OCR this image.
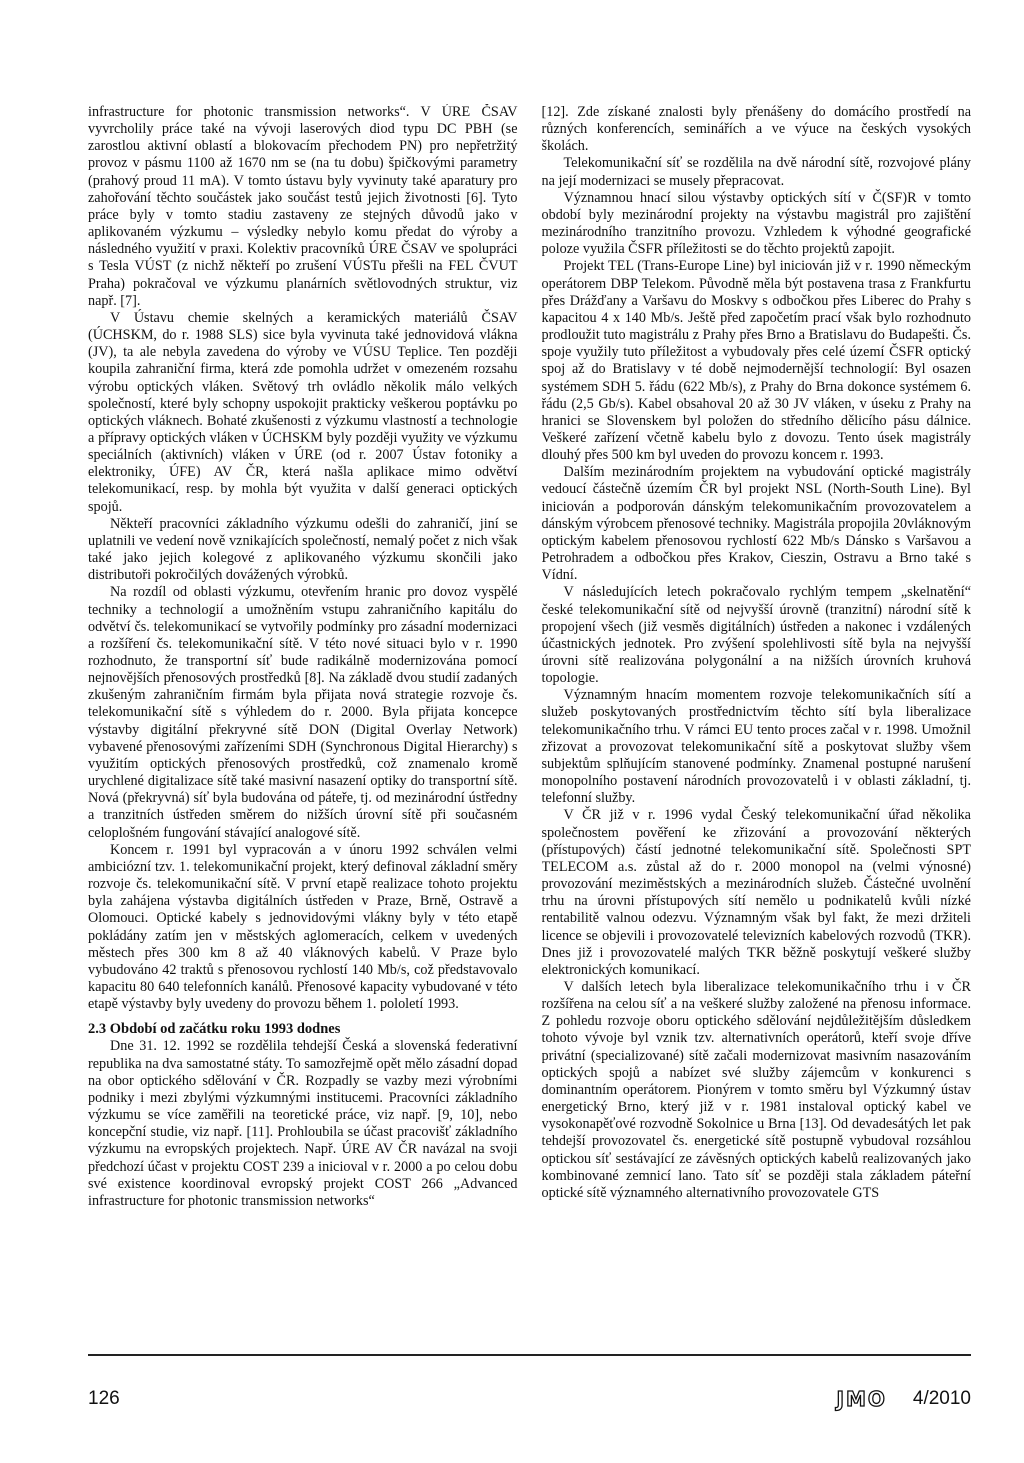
infrastructure for photonic transmission networks“. V ÚRE ČSAV vyvrcholily práce také na vývoji laserových diod typu DC PBH (se zarostlou aktivní oblastí a blokovacím přechodem PN) pro nepřetržitý provoz v pásmu 1100 až 1670 nm se (na tu dobu) špičkovými parametry (prahový proud 11 mA). V tomto ústavu byly vyvinuty také aparatury pro zahořování těchto součástek jako součást testů jejich životnosti [6]. Tyto práce byly v tomto stadiu zastaveny ze stejných důvodů jako v aplikovaném výzkumu – výsledky nebylo komu předat do výroby a následného využití v praxi. Kolektiv pracovníků ÚRE ČSAV ve spolupráci s Tesla VÚST (z nichž někteří po zrušení VÚSTu přešli na FEL ČVUT Praha) pokračoval ve výzkumu planárních světlovodných struktur, viz např. [7].

V Ústavu chemie skelných a keramických materiálů ČSAV (ÚCHSKM, do r. 1988 SLS) sice byla vyvinuta také jednovidová vlákna (JV), ta ale nebyla zavedena do výroby ve VÚSU Teplice. Ten později koupila zahraniční firma, která zde pomohla udržet v omezeném rozsahu výrobu optických vláken. Světový trh ovládlo několik málo velkých společností, které byly schopny uspokojit prakticky veškerou poptávku po optických vláknech. Bohaté zkušenosti z výzkumu vlastností a technologie a přípravy optických vláken v ÚCHSKM byly později využity ve výzkumu speciálních (aktivních) vláken v ÚRE (od r. 2007 Ústav fotoniky a elektroniky, ÚFE) AV ČR, která našla aplikace mimo odvětví telekomunikací, resp. by mohla být využita v další generaci optických spojů.

Někteří pracovníci základního výzkumu odešli do zahraničí, jiní se uplatnili ve vedení nově vznikajících společností, nemalý počet z nich však také jako jejich kolegové z aplikovaného výzkumu skončili jako distributoři pokročilých dovážených výrobků.

Na rozdíl od oblasti výzkumu, otevřením hranic pro dovoz vyspělé techniky a technologií a umožněním vstupu zahraničního kapitálu do odvětví čs. telekomunikací se vytvořily podmínky pro zásadní modernizaci a rozšíření čs. telekomunikační sítě. V této nové situaci bylo v r. 1990 rozhodnuto, že transportní síť bude radikálně modernizována pomocí nejnovějších přenosových prostředků [8]. Na základě dvou studií zadaných zkušeným zahraničním firmám byla přijata nová strategie rozvoje čs. telekomunikační sítě s výhledem do r. 2000. Byla přijata koncepce výstavby digitální překryvné sítě DON (Digital Overlay Network) vybavené přenosovými zařízeními SDH (Synchronous Digital Hierarchy) s využitím optických přenosových prostředků, což znamenalo kromě urychlené digitalizace sítě také masivní nasazení optiky do transportní sítě. Nová (překryvná) síť byla budována od páteře, tj. od mezinárodní ústředny a tranzitních ústředen směrem do nižších úrovní sítě při současném celoplošném fungování stávající analogové sítě.

Koncem r. 1991 byl vypracován a v únoru 1992 schválen velmi ambiciózní tzv. 1. telekomunikační projekt, který definoval základní směry rozvoje čs. telekomunikační sítě. V první etapě realizace tohoto projektu byla zahájena výstavba digitálních ústředen v Praze, Brně, Ostravě a Olomouci. Optické kabely s jednovidovými vlákny byly v této etapě pokládány zatím jen v městských aglomeracích, celkem v uvedených městech přes 300 km 8 až 40 vláknových kabelů. V Praze bylo vybudováno 42 traktů s přenosovou rychlostí 140 Mb/s, což představovalo kapacitu 80 640 telefonních kanálů. Přenosové kapacity vybudované v této etapě výstavby byly uvedeny do provozu během 1. pololetí 1993.

2.3 Období od začátku roku 1993 dodnes

Dne 31. 12. 1992 se rozdělila tehdejší Česká a slovenská federativní republika na dva samostatné státy. To samozřejmě opět mělo zásadní dopad na obor optického sdělování v ČR. Rozpadly se vazby mezi výrobními podniky i mezi zbylými výzkumnými institucemi. Pracovníci základního výzkumu se více zaměřili na teoretické práce, viz např. [9, 10], nebo koncepční studie, viz např. [11]. Prohloubila se účast pracovišť základního výzkumu na evropských projektech. Např. ÚRE AV ČR navázal na svoji předchozí účast v projektu COST 239 a inicioval v r. 2000 a po celou dobu své existence koordinoval evropský projekt COST 266 „Advanced infrastructure for photonic transmission networks“

[12]. Zde získané znalosti byly přenášeny do domácího prostředí na různých konferencích, seminářích a ve výuce na českých vysokých školách.

Telekomunikační síť se rozdělila na dvě národní sítě, rozvojové plány na její modernizaci se musely přepracovat.

Významnou hnací silou výstavby optických sítí v Č(SF)R v tomto období byly mezinárodní projekty na výstavbu magistrál pro zajištění mezinárodního tranzitního provozu. Vzhledem k výhodné geografické poloze využila ČSFR příležitosti se do těchto projektů zapojit.

Projekt TEL (Trans-Europe Line) byl iniciován již v r. 1990 německým operátorem DBP Telekom. Původně měla být postavena trasa z Frankfurtu přes Drážďany a Varšavu do Moskvy s odbočkou přes Liberec do Prahy s kapacitou 4 x 140 Mb/s. Ještě před započetím prací však bylo rozhodnuto prodloužit tuto magistrálu z Prahy přes Brno a Bratislavu do Budapešti. Čs. spoje využily tuto příležitost a vybudovaly přes celé území ČSFR optický spoj až do Bratislavy v té době nejmodernější technologií: Byl osazen systémem SDH 5. řádu (622 Mb/s), z Prahy do Brna dokonce systémem 6. řádu (2,5 Gb/s). Kabel obsahoval 20 až 30 JV vláken, v úseku z Prahy na hranici se Slovenskem byl položen do středního dělicího pásu dálnice. Veškeré zařízení včetně kabelu bylo z dovozu. Tento úsek magistrály dlouhý přes 500 km byl uveden do provozu koncem r. 1993.

Dalším mezinárodním projektem na vybudování optické magistrály vedoucí částečně územím ČR byl projekt NSL (North-South Line). Byl iniciován a podporován dánským telekomunikačním provozovatelem a dánským výrobcem přenosové techniky. Magistrála propojila 20vláknovým optickým kabelem přenosovou rychlostí 622 Mb/s Dánsko s Varšavou a Petrohradem a odbočkou přes Krakov, Cieszin, Ostravu a Brno také s Vídní.

V následujících letech pokračovalo rychlým tempem „skelnatění“ české telekomunikační sítě od nejvyšší úrovně (tranzitní) národní sítě k propojení všech (již vesměs digitálních) ústředen a nakonec i vzdálených účastnických jednotek. Pro zvýšení spolehlivosti sítě byla na nejvyšší úrovni sítě realizována polygonální a na nižších úrovních kruhová topologie.

Významným hnacím momentem rozvoje telekomunikačních sítí a služeb poskytovaných prostřednictvím těchto sítí byla liberalizace telekomunikačního trhu. V rámci EU tento proces začal v r. 1998. Umožnil zřizovat a provozovat telekomunikační sítě a poskytovat služby všem subjektům splňujícím stanovené podmínky. Znamenal postupné narušení monopolního postavení národních provozovatelů i v oblasti základní, tj. telefonní služby.

V ČR již v r. 1996 vydal Český telekomunikační úřad několika společnostem pověření ke zřizování a provozování některých (přístupových) částí jednotné telekomunikační sítě. Společnosti SPT TELECOM a.s. zůstal až do r. 2000 monopol na (velmi výnosné) provozování meziměstských a mezinárodních služeb. Částečné uvolnění trhu na úrovni přístupových sítí nemělo u podnikatelů kvůli nízké rentabilitě valnou odezvu. Významným však byl fakt, že mezi držiteli licence se objevili i provozovatelé televizních kabelových rozvodů (TKR). Dnes již i provozovatelé malých TKR běžně poskytují veškeré služby elektronických komunikací.

V dalších letech byla liberalizace telekomunikačního trhu i v ČR rozšířena na celou síť a na veškeré služby založené na přenosu informace. Z pohledu rozvoje oboru optického sdělování nejdůležitějším důsledkem tohoto vývoje byl vznik tzv. alternativních operátorů, kteří svoje dříve privátní (specializované) sítě začali modernizovat masivním nasazováním optických spojů a nabízet své služby zájemcům v konkurenci s dominantním operátorem. Pionýrem v tomto směru byl Výzkumný ústav energetický Brno, který již v r. 1981 instaloval optický kabel ve vysokonapěťové rozvodně Sokolnice u Brna [13]. Od devadesátých let pak tehdejší provozovatel čs. energetické sítě postupně vybudoval rozsáhlou optickou síť sestávající ze závěsných optických kabelů realizovaných jako kombinované zemnicí lano. Tato síť se později stala základem páteřní optické sítě významného alternativního provozovatele GTS

126	JMO 4/2010
